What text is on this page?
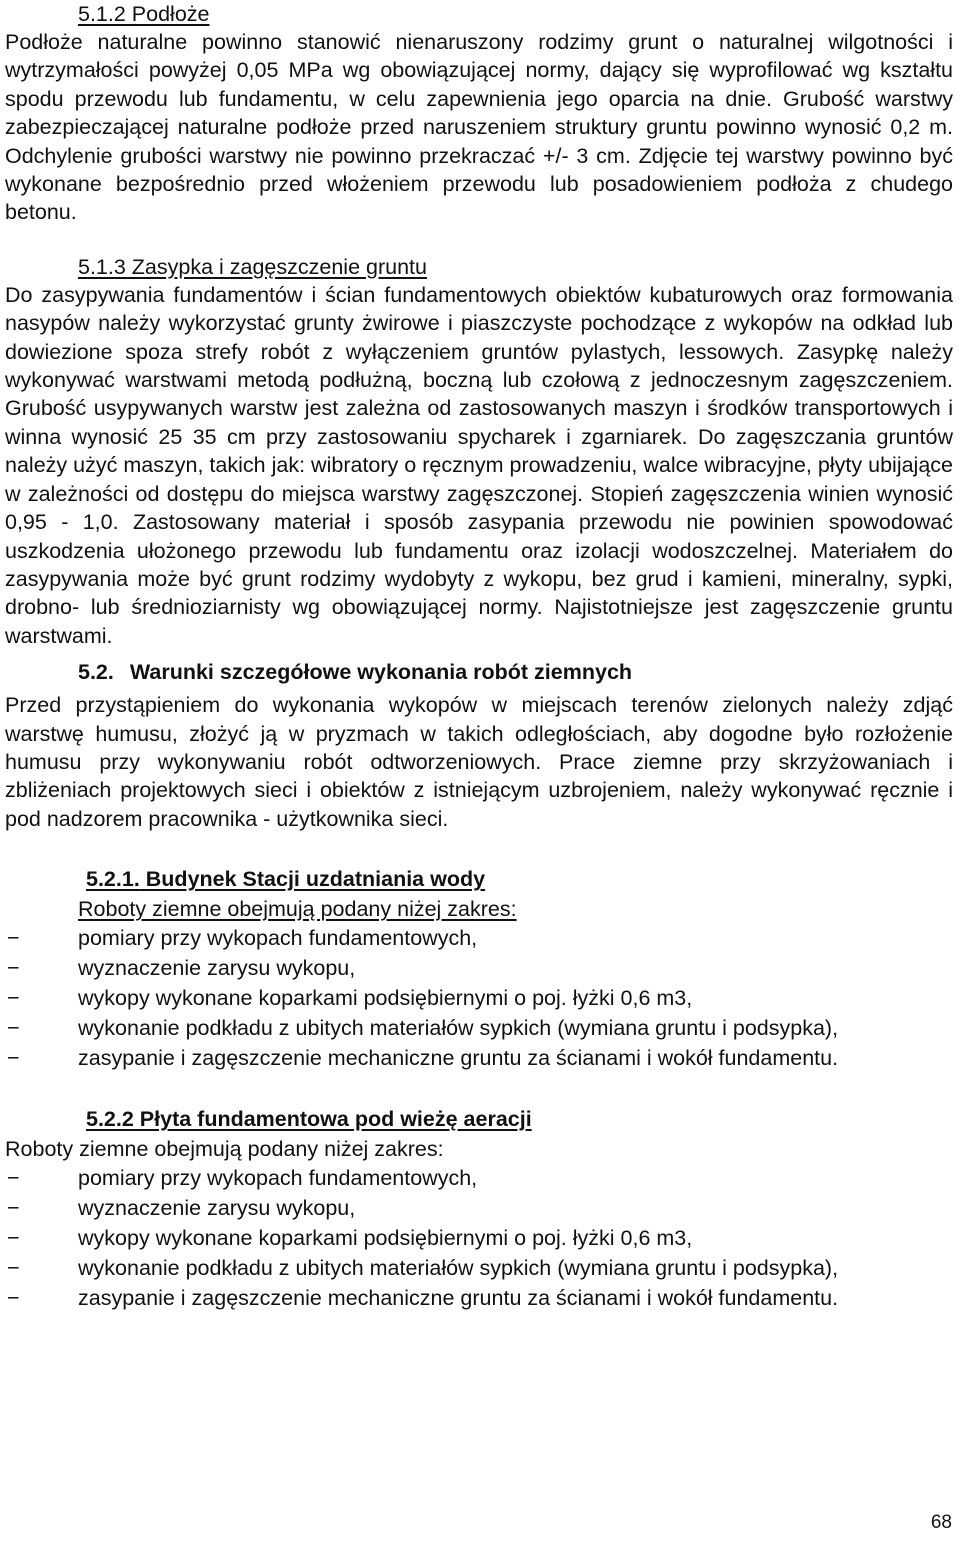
5.1.2 Podłoże

Podłoże naturalne powinno stanowić nienaruszony rodzimy grunt o naturalnej wilgotności i wytrzymałości powyżej 0,05 MPa wg obowiązującej normy, dający się wyprofilować wg kształtu spodu przewodu lub fundamentu, w celu zapewnienia jego oparcia na dnie. Grubość warstwy zabezpieczającej naturalne podłoże przed naruszeniem struktury gruntu powinno wynosić 0,2 m. Odchylenie grubości warstwy nie powinno przekraczać +/- 3 cm. Zdjęcie tej warstwy powinno być wykonane bezpośrednio przed włożeniem przewodu lub posadowieniem podłoża z chudego betonu.

5.1.3 Zasypka i zagęszczenie gruntu

Do zasypywania fundamentów i ścian fundamentowych obiektów kubaturowych oraz formowania nasypów należy wykorzystać grunty żwirowe i piaszczyste pochodzące z wykopów na odkład lub dowiezione spoza strefy robót z wyłączeniem gruntów pylastych, lessowych. Zasypkę należy wykonywać warstwami metodą podłużną, boczną lub czołową z jednoczesnym zagęszczeniem. Grubość usypywanych warstw jest zależna od zastosowanych maszyn i środków transportowych i winna wynosić 25 35 cm przy zastosowaniu spycharek i zgarniarek. Do zagęszczania gruntów należy użyć maszyn, takich jak: wibratory o ręcznym prowadzeniu, walce wibracyjne, płyty ubijające w zależności od dostępu do miejsca warstwy zagęszczonej. Stopień zagęszczenia winien wynosić 0,95 - 1,0. Zastosowany materiał i sposób zasypania przewodu nie powinien spowodować uszkodzenia ułożonego przewodu lub fundamentu oraz izolacji wodoszczelnej. Materiałem do zasypywania może być grunt rodzimy wydobyty z wykopu, bez grud i kamieni, mineralny, sypki, drobno- lub średnioziarnisty wg obowiązującej normy. Najistotniejsze jest zagęszczenie gruntu warstwami.

5.2. Warunki szczegółowe wykonania robót ziemnych

Przed przystąpieniem do wykonania wykopów w miejscach terenów zielonych należy zdjąć warstwę humusu, złożyć ją w pryzmach w takich odległościach, aby dogodne było rozłożenie humusu przy wykonywaniu robót odtworzeniowych. Prace ziemne przy skrzyżowaniach i zbliżeniach projektowych sieci i obiektów z istniejącym uzbrojeniem, należy wykonywać ręcznie i pod nadzorem pracownika - użytkownika sieci.

5.2.1. Budynek Stacji uzdatniania wody

Roboty ziemne obejmują podany niżej zakres:

−	pomiary przy wykopach fundamentowych,
−	wyznaczenie zarysu wykopu,
−	wykopy wykonane koparkami podsiębiernymi o poj. łyżki 0,6 m3,
−	wykonanie podkładu z ubitych materiałów sypkich (wymiana gruntu i podsypka),
−	zasypanie i zagęszczenie mechaniczne gruntu za ścianami i wokół fundamentu.

5.2.2 Płyta fundamentowa pod wieżę aeracji

Roboty ziemne obejmują podany niżej zakres:

−	pomiary przy wykopach fundamentowych,
−	wyznaczenie zarysu wykopu,
−	wykopy wykonane koparkami podsiębiernymi o poj. łyżki 0,6 m3,
−	wykonanie podkładu z ubitych materiałów sypkich (wymiana gruntu i podsypka),
−	zasypanie i zagęszczenie mechaniczne gruntu za ścianami i wokół fundamentu.
68
